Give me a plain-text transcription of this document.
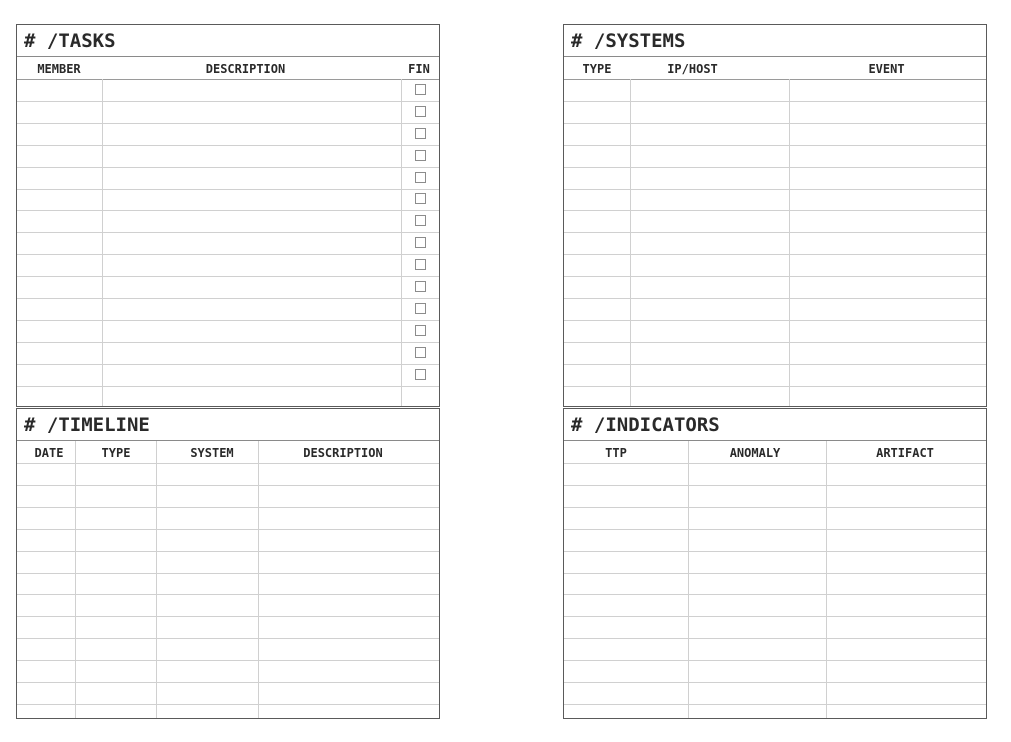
# /TASKS
MEMBER	DESCRIPTION	FIN
# /SYSTEMS
TYPE	IP/HOST	EVENT
# /TIMELINE
DATE	TYPE	SYSTEM	DESCRIPTION
# /INDICATORS
TTP	ANOMALY	ARTIFACT
